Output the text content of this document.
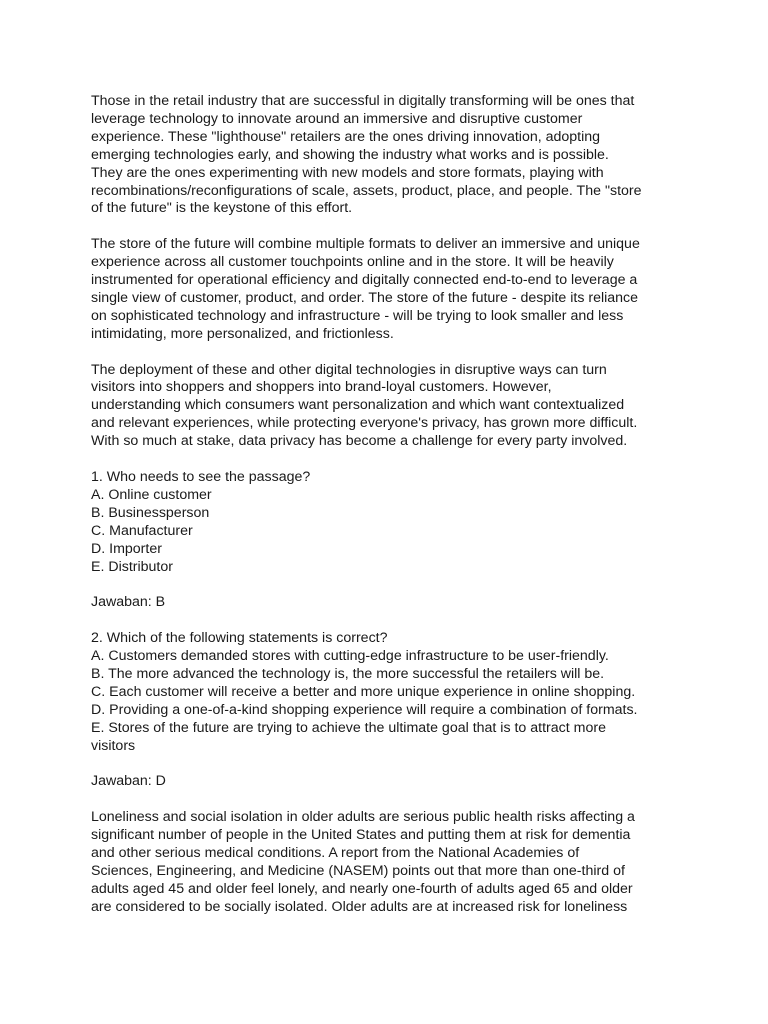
Those in the retail industry that are successful in digitally transforming will be ones that
leverage technology to innovate around an immersive and disruptive customer
experience. These "lighthouse" retailers are the ones driving innovation, adopting
emerging technologies early, and showing the industry what works and is possible.
They are the ones experimenting with new models and store formats, playing with
recombinations/reconfigurations of scale, assets, product, place, and people. The "store
of the future" is the keystone of this effort.
The store of the future will combine multiple formats to deliver an immersive and unique
experience across all customer touchpoints online and in the store. It will be heavily
instrumented for operational efficiency and digitally connected end-to-end to leverage a
single view of customer, product, and order. The store of the future - despite its reliance
on sophisticated technology and infrastructure - will be trying to look smaller and less
intimidating, more personalized, and frictionless.
The deployment of these and other digital technologies in disruptive ways can turn
visitors into shoppers and shoppers into brand-loyal customers. However,
understanding which consumers want personalization and which want contextualized
and relevant experiences, while protecting everyone's privacy, has grown more difficult.
With so much at stake, data privacy has become a challenge for every party involved.
1. Who needs to see the passage?
A. Online customer
B. Businessperson
C. Manufacturer
D. Importer
E. Distributor
Jawaban: B
2. Which of the following statements is correct?
A. Customers demanded stores with cutting-edge infrastructure to be user-friendly.
B. The more advanced the technology is, the more successful the retailers will be.
C. Each customer will receive a better and more unique experience in online shopping.
D. Providing a one-of-a-kind shopping experience will require a combination of formats.
E. Stores of the future are trying to achieve the ultimate goal that is to attract more
visitors
Jawaban: D
Loneliness and social isolation in older adults are serious public health risks affecting a
significant number of people in the United States and putting them at risk for dementia
and other serious medical conditions. A report from the National Academies of
Sciences, Engineering, and Medicine (NASEM) points out that more than one-third of
adults aged 45 and older feel lonely, and nearly one-fourth of adults aged 65 and older
are considered to be socially isolated. Older adults are at increased risk for loneliness
